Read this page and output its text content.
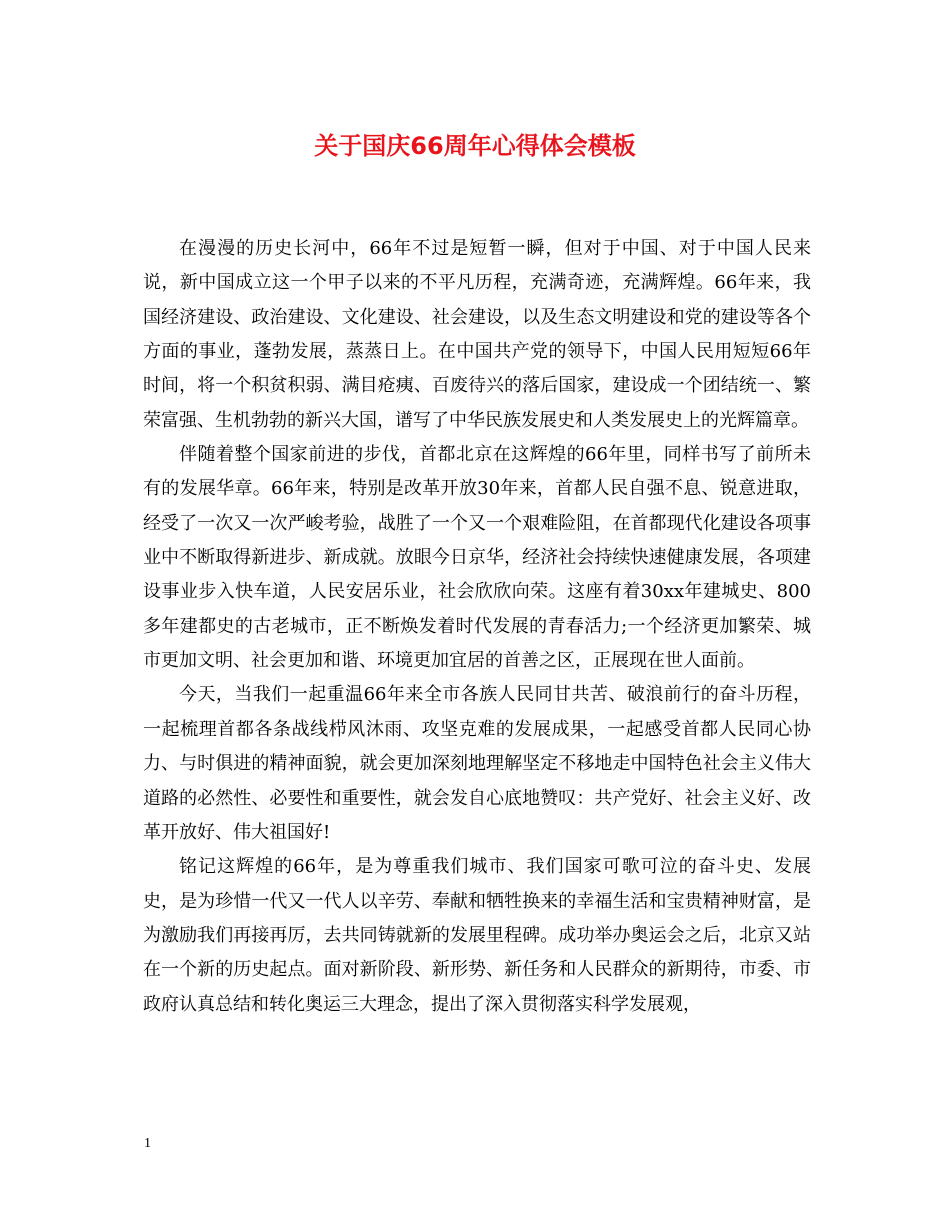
关于国庆66周年心得体会模板

在漫漫的历史长河中，66年不过是短暂一瞬，但对于中国、对于中国人民来说，新中国成立这一个甲子以来的不平凡历程，充满奇迹，充满辉煌。66年来，我国经济建设、政治建设、文化建设、社会建设，以及生态文明建设和党的建设等各个方面的事业，蓬勃发展，蒸蒸日上。在中国共产党的领导下，中国人民用短短66年时间，将一个积贫积弱、满目疮痍、百废待兴的落后国家，建设成一个团结统一、繁荣富强、生机勃勃的新兴大国，谱写了中华民族发展史和人类发展史上的光辉篇章。

伴随着整个国家前进的步伐，首都北京在这辉煌的66年里，同样书写了前所未有的发展华章。66年来，特别是改革开放30年来，首都人民自强不息、锐意进取，经受了一次又一次严峻考验，战胜了一个又一个艰难险阻，在首都现代化建设各项事业中不断取得新进步、新成就。放眼今日京华，经济社会持续快速健康发展，各项建设事业步入快车道，人民安居乐业，社会欣欣向荣。这座有着30xx年建城史、800多年建都史的古老城市，正不断焕发着时代发展的青春活力;一个经济更加繁荣、城市更加文明、社会更加和谐、环境更加宜居的首善之区，正展现在世人面前。

今天，当我们一起重温66年来全市各族人民同甘共苦、破浪前行的奋斗历程，一起梳理首都各条战线栉风沐雨、攻坚克难的发展成果，一起感受首都人民同心协力、与时俱进的精神面貌，就会更加深刻地理解坚定不移地走中国特色社会主义伟大道路的必然性、必要性和重要性，就会发自心底地赞叹：共产党好、社会主义好、改革开放好、伟大祖国好!

铭记这辉煌的66年，是为尊重我们城市、我们国家可歌可泣的奋斗史、发展史，是为珍惜一代又一代人以辛劳、奉献和牺牲换来的幸福生活和宝贵精神财富，是为激励我们再接再厉，去共同铸就新的发展里程碑。成功举办奥运会之后，北京又站在一个新的历史起点。面对新阶段、新形势、新任务和人民群众的新期待，市委、市政府认真总结和转化奥运三大理念，提出了深入贯彻落实科学发展观，

1
